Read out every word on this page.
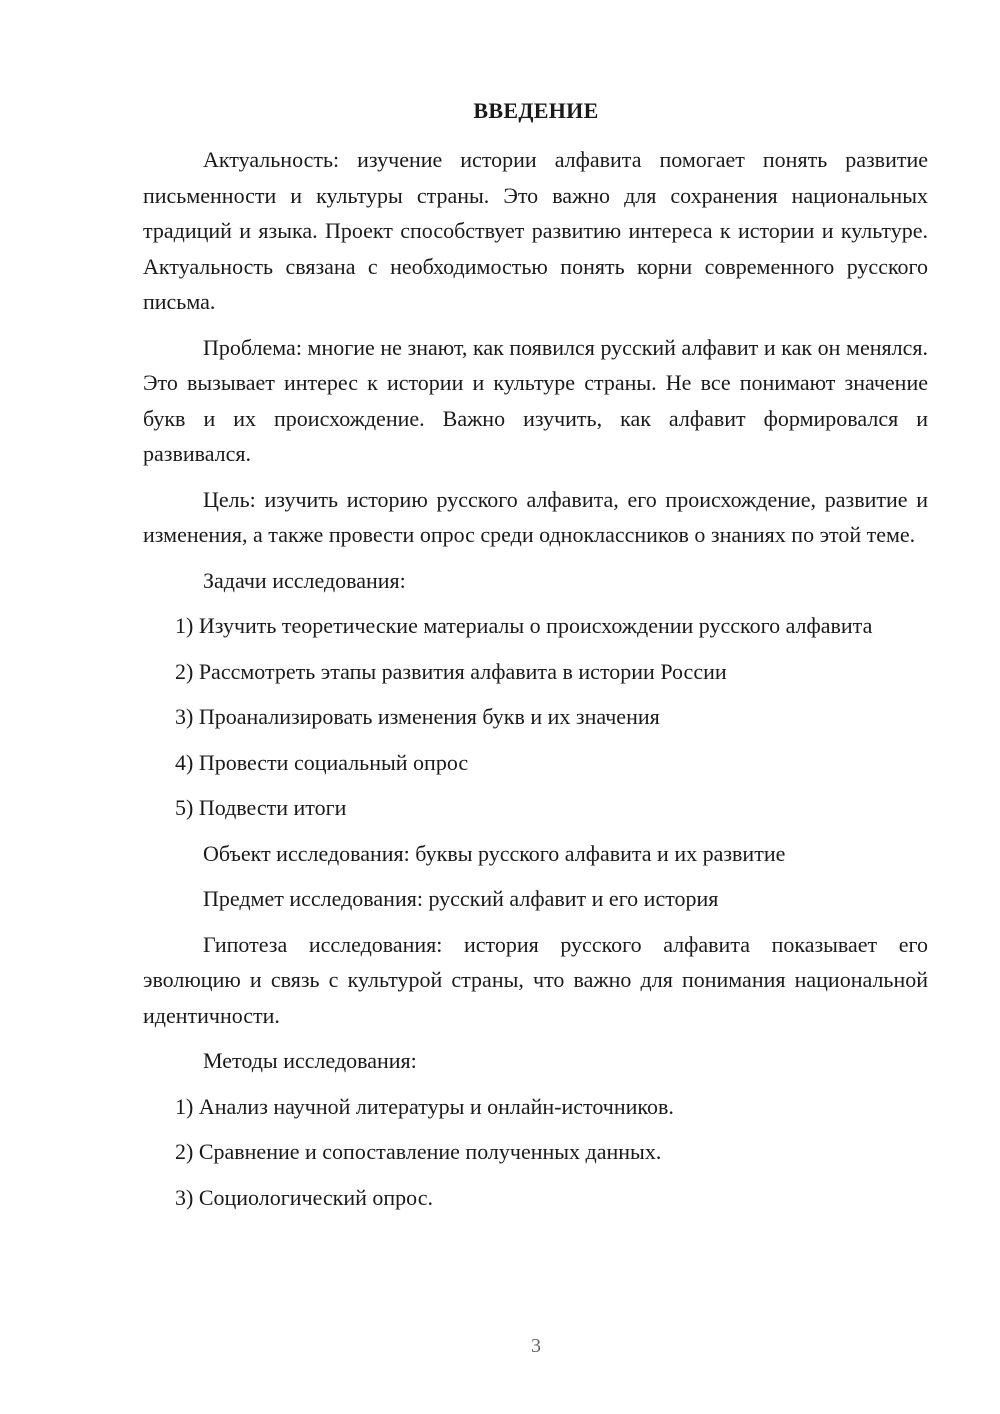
ВВЕДЕНИЕ

Актуальность: изучение истории алфавита помогает понять развитие письменности и культуры страны. Это важно для сохранения национальных традиций и языка. Проект способствует развитию интереса к истории и культуре. Актуальность связана с необходимостью понять корни современного русского письма.

Проблема: многие не знают, как появился русский алфавит и как он менялся. Это вызывает интерес к истории и культуре страны. Не все понимают значение букв и их происхождение. Важно изучить, как алфавит формировался и развивался.

Цель: изучить историю русского алфавита, его происхождение, развитие и изменения, а также провести опрос среди одноклассников о знаниях по этой теме.

Задачи исследования:

1) Изучить теоретические материалы о происхождении русского алфавита

2) Рассмотреть этапы развития алфавита в истории России

3) Проанализировать изменения букв и их значения

4) Провести социальный опрос

5) Подвести итоги

Объект исследования: буквы русского алфавита и их развитие

Предмет исследования: русский алфавит и его история

Гипотеза исследования: история русского алфавита показывает его эволюцию и связь с культурой страны, что важно для понимания национальной идентичности.

Методы исследования:

1) Анализ научной литературы и онлайн-источников.

2) Сравнение и сопоставление полученных данных.

3) Социологический опрос.

3
